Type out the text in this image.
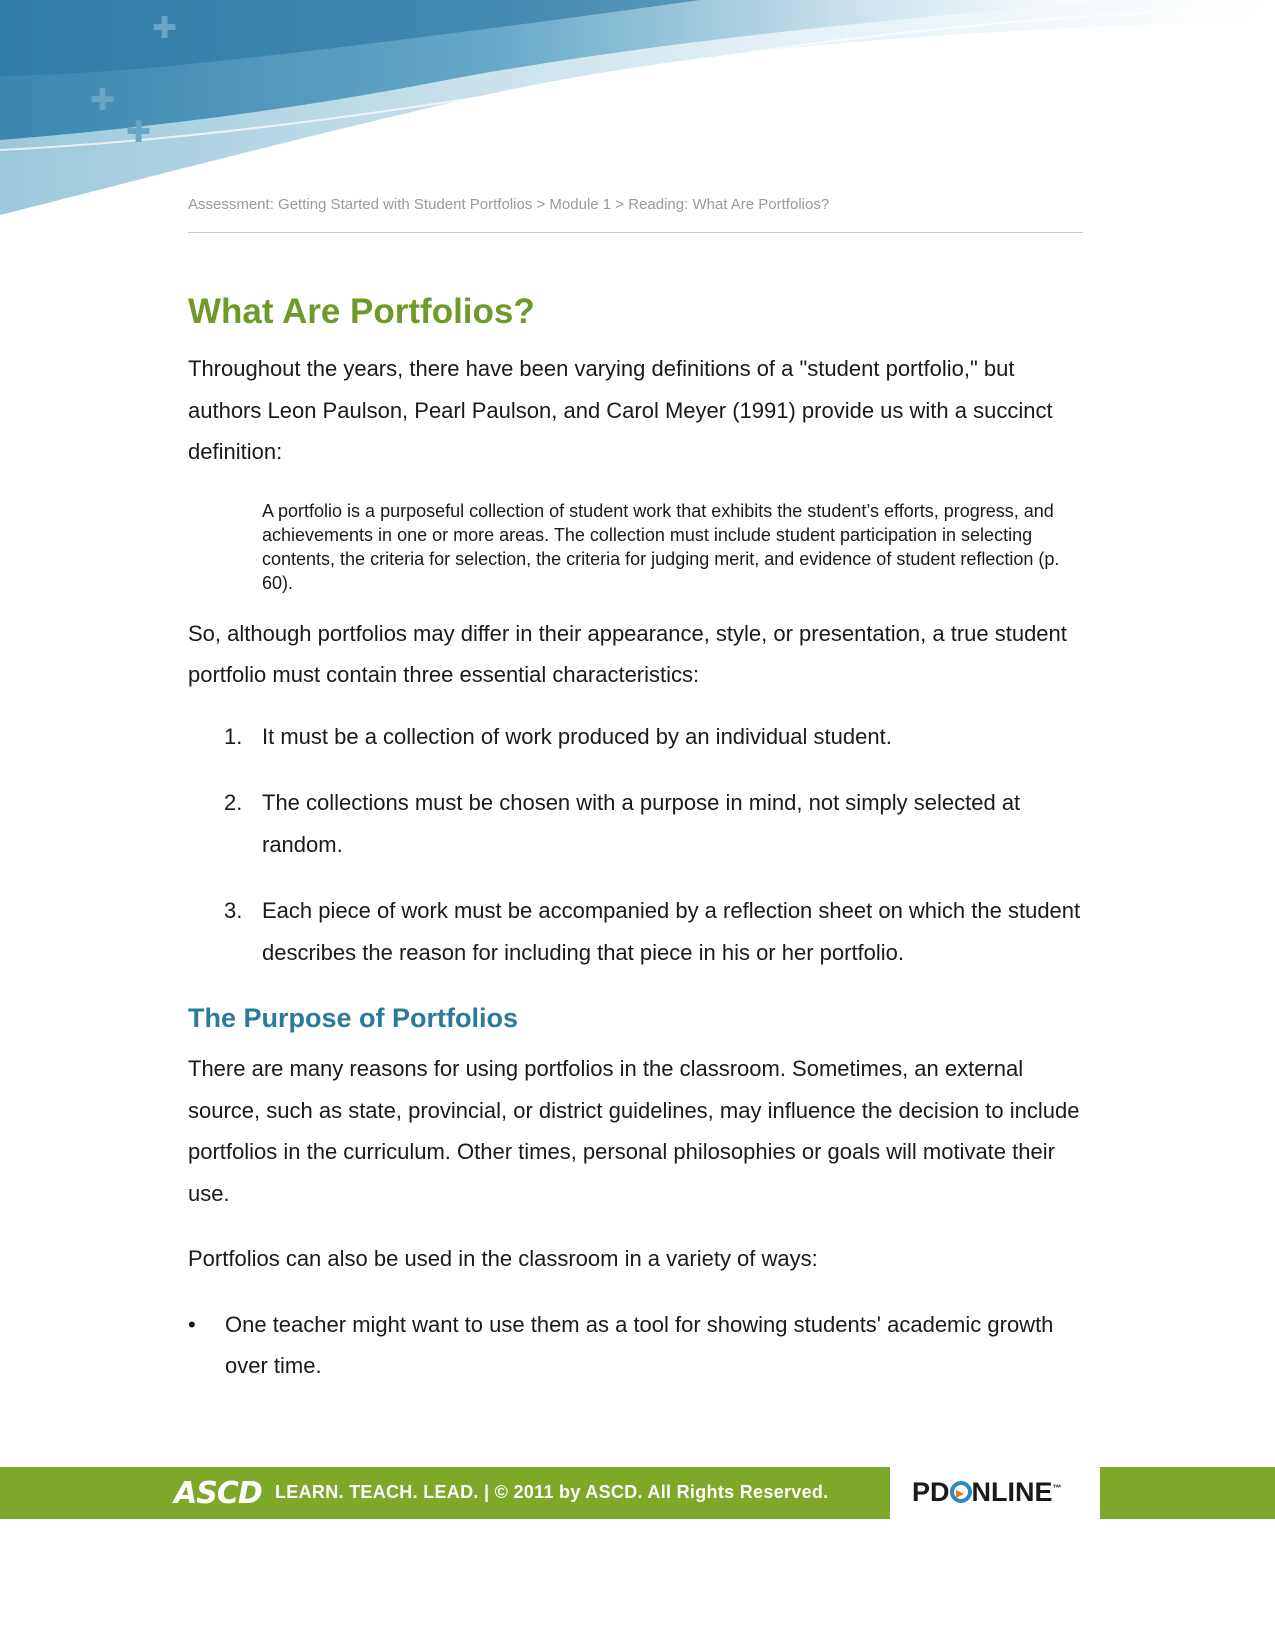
✚
✚
✚
Assessment: Getting Started with Student Portfolios > Module 1 > Reading: What Are Portfolios?
What Are Portfolios?

Throughout the years, there have been varying definitions of a "student portfolio," but authors Leon Paulson, Pearl Paulson, and Carol Meyer (1991) provide us with a succinct definition:

A portfolio is a purposeful collection of student work that exhibits the student’s efforts, progress, and achievements in one or more areas. The collection must include student participation in selecting contents, the criteria for selection, the criteria for judging merit, and evidence of student reflection (p. 60).

So, although portfolios may differ in their appearance, style, or presentation, a true student portfolio must contain three essential characteristics:

1. It must be a collection of work produced by an individual student.
2. The collections must be chosen with a purpose in mind, not simply selected at random.
3. Each piece of work must be accompanied by a reflection sheet on which the student describes the reason for including that piece in his or her portfolio.
The Purpose of Portfolios

There are many reasons for using portfolios in the classroom. Sometimes, an external source, such as state, provincial, or district guidelines, may influence the decision to include portfolios in the curriculum. Other times, personal philosophies or goals will motivate their use.

Portfolios can also be used in the classroom in a variety of ways:

• One teacher might want to use them as a tool for showing students' academic growth over time.
ASCD LEARN. TEACH. LEAD. | © 2011 by ASCD. All Rights Reserved.	PD NLINE™
